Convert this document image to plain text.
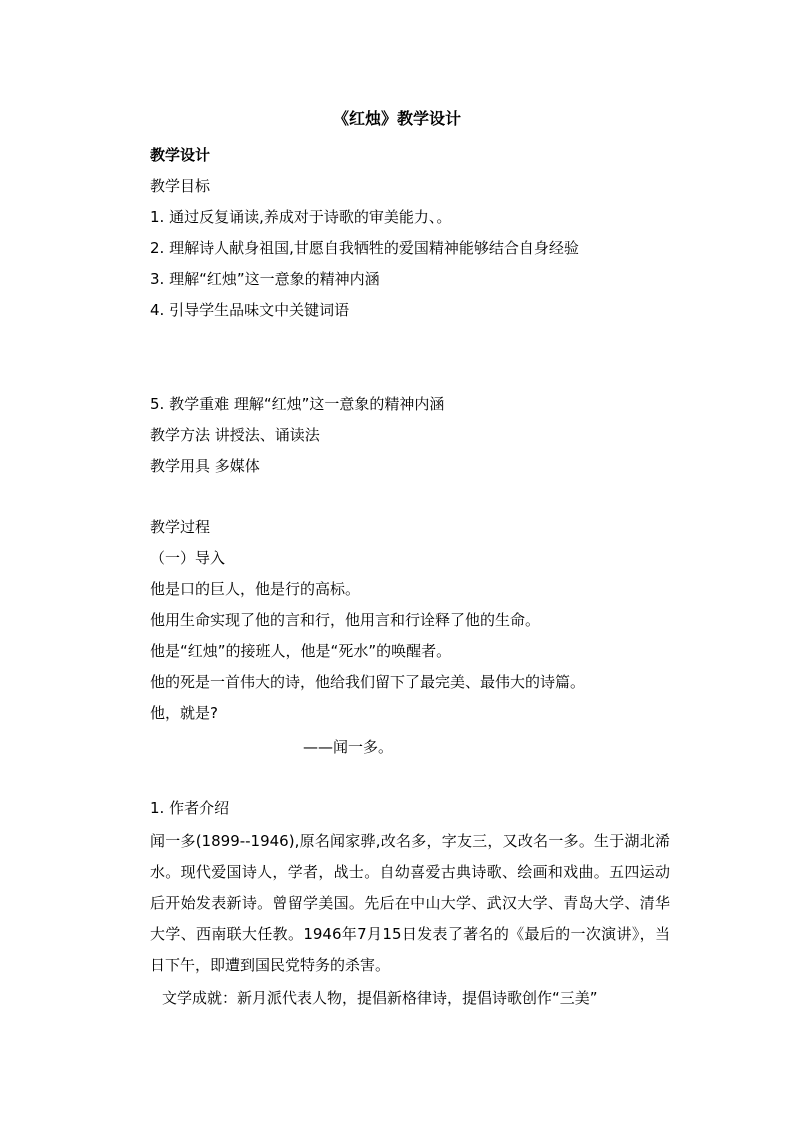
《红烛》教学设计
教学设计
教学目标
1. 通过反复诵读,养成对于诗歌的审美能力、。
2. 理解诗人献身祖国,甘愿自我牺牲的爱国精神能够结合自身经验
3. 理解“红烛”这一意象的精神内涵
4. 引导学生品味文中关键词语
5. 教学重难 理解“红烛”这一意象的精神内涵
教学方法 讲授法、诵读法
教学用具 多媒体
教学过程
（一）导入
他是口的巨人，他是行的高标。
他用生命实现了他的言和行，他用言和行诠释了他的生命。
他是“红烛”的接班人，他是“死水”的唤醒者。
他的死是一首伟大的诗，他给我们留下了最完美、最伟大的诗篇。
他，就是?
——闻一多。
1. 作者介绍
闻一多(1899--1946),原名闻家骅,改名多，字友三，又改名一多。生于湖北浠水。现代爱国诗人，学者，战士。自幼喜爱古典诗歌、绘画和戏曲。五四运动后开始发表新诗。曾留学美国。先后在中山大学、武汉大学、青岛大学、清华大学、西南联大任教。1946年7月15日发表了著名的《最后的一次演讲》，当日下午，即遭到国民党特务的杀害。
文学成就：新月派代表人物，提倡新格律诗，提倡诗歌创作“三美”
